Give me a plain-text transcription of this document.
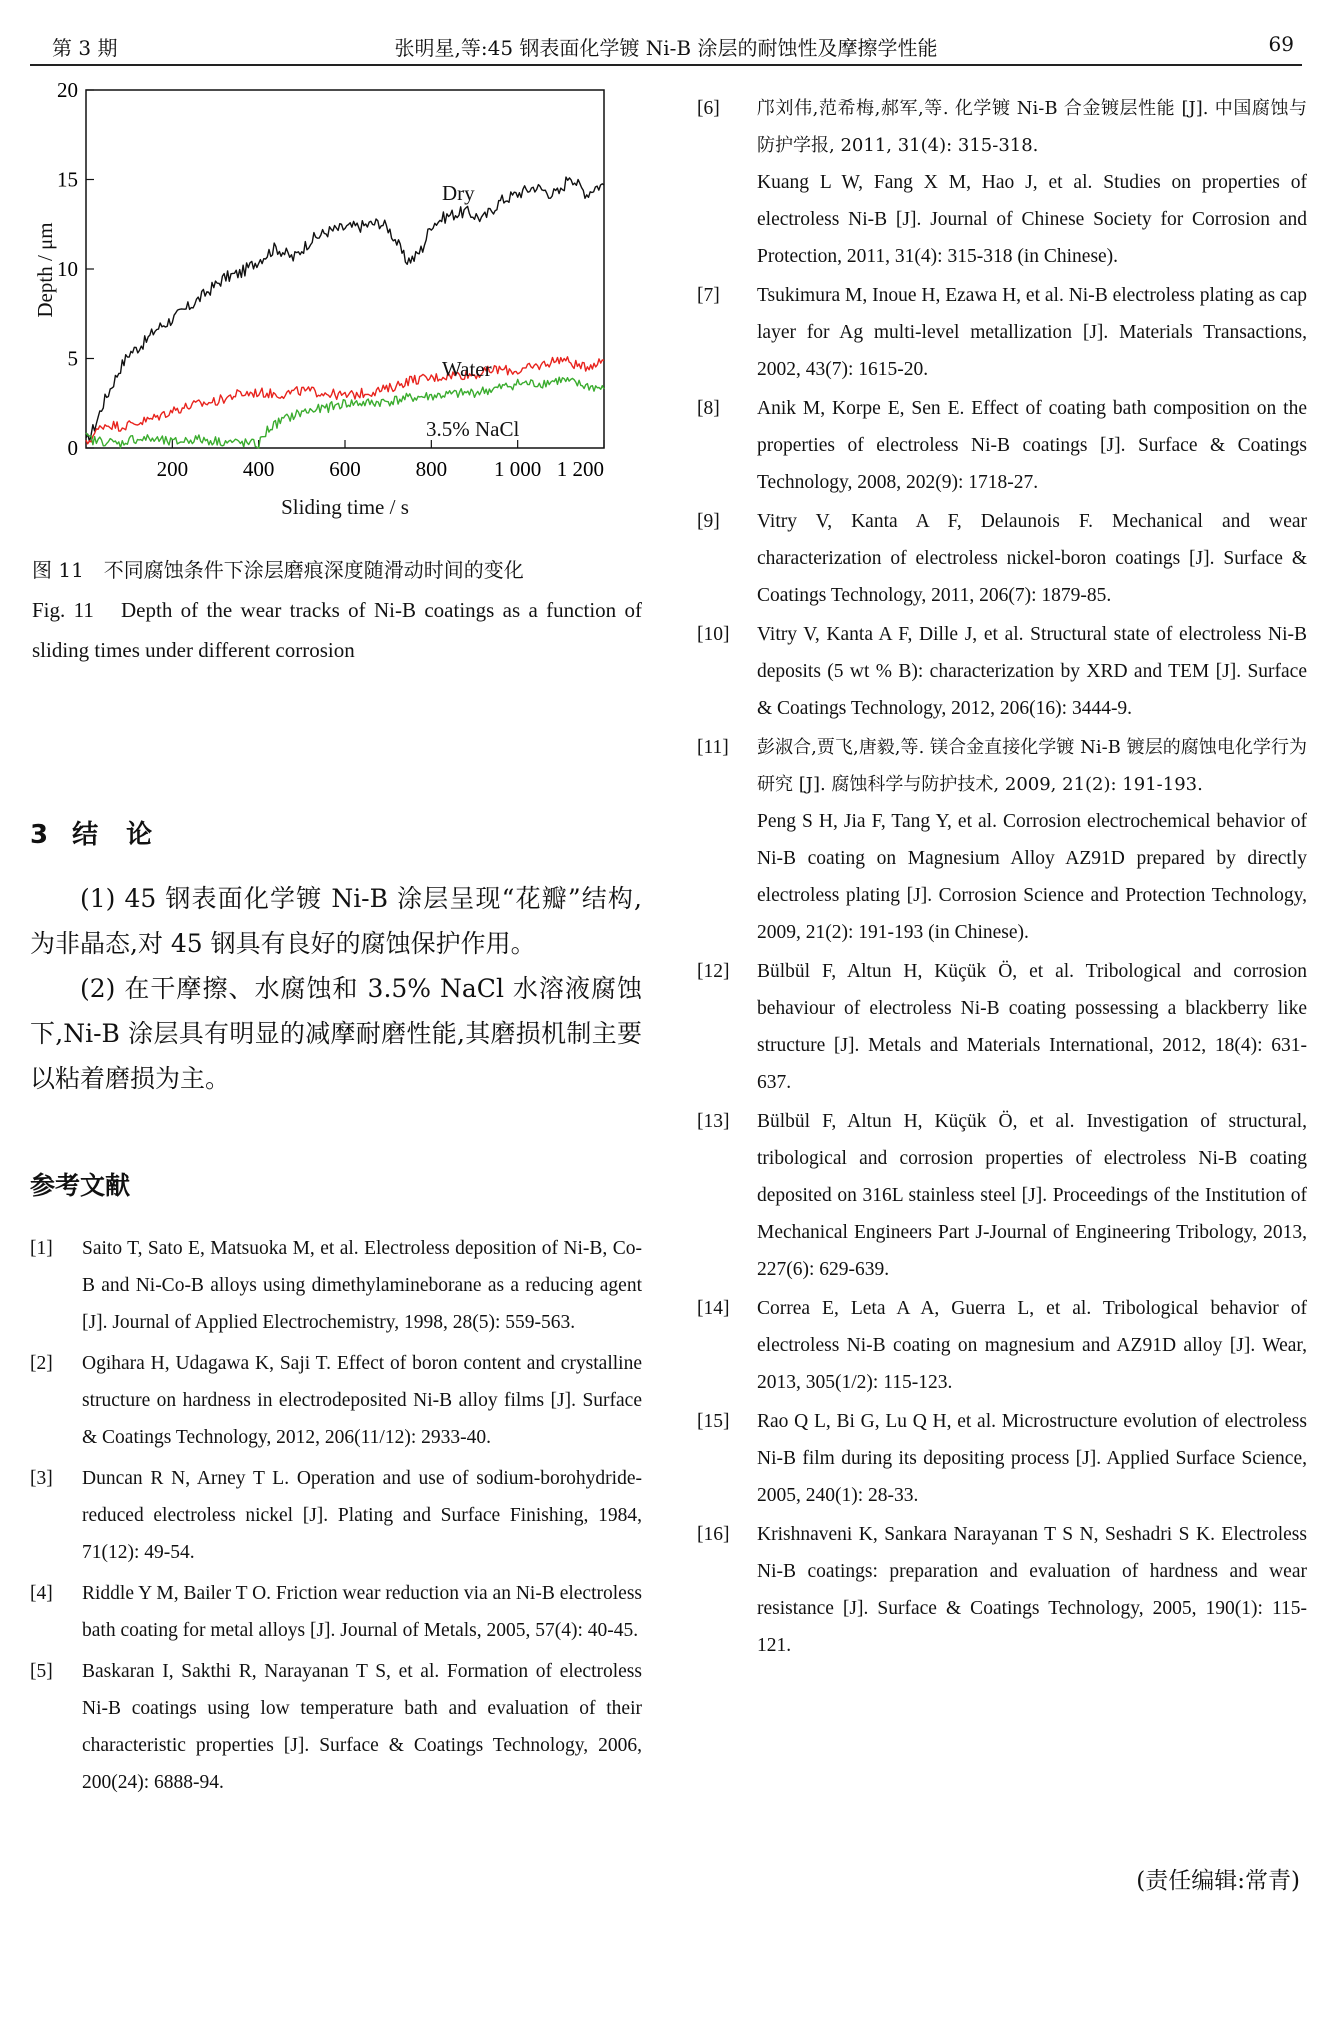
第 3 期	张明星,等:45 钢表面化学镀 Ni-B 涂层的耐蚀性及摩擦学性能	69
0
5
10
15
20
200	400	600	800 1 000 1 200
Dry
Water
3.5% NaCl
Sliding time / s
Depth / μm

图 11　不同腐蚀条件下涂层磨痕深度随滑动时间的变化

Fig. 11　Depth of the wear tracks of Ni-B coatings as a function of sliding times under different corrosion

3 结 论

(1) 45 钢表面化学镀 Ni-B 涂层呈现“花瓣”结构,为非晶态,对 45 钢具有良好的腐蚀保护作用。

(2) 在干摩擦、水腐蚀和 3.5% NaCl 水溶液腐蚀下,Ni-B 涂层具有明显的减摩耐磨性能,其磨损机制主要以粘着磨损为主。

参考文献
[1] Saito T, Sato E, Matsuoka M, et al. Electroless deposition of Ni-B, Co-B and Ni-Co-B alloys using dimethylamineborane as a reducing agent [J]. Journal of Applied Electrochemistry, 1998, 28(5): 559-563.
[2] Ogihara H, Udagawa K, Saji T. Effect of boron content and crystalline structure on hardness in electrodeposited Ni-B alloy films [J]. Surface & Coatings Technology, 2012, 206(11/12): 2933-40.
[3] Duncan R N, Arney T L. Operation and use of sodium-borohydride-reduced electroless nickel [J]. Plating and Surface Finishing, 1984, 71(12): 49-54.
[4] Riddle Y M, Bailer T O. Friction wear reduction via an Ni-B electroless bath coating for metal alloys [J]. Journal of Metals, 2005, 57(4): 40-45.
[5] Baskaran I, Sakthi R, Narayanan T S, et al. Formation of electroless Ni-B coatings using low temperature bath and evaluation of their characteristic properties [J]. Surface & Coatings Technology, 2006, 200(24): 6888-94.
[6] 邝刘伟,范希梅,郝军,等. 化学镀 Ni-B 合金镀层性能 [J]. 中国腐蚀与防护学报, 2011, 31(4): 315-318.
Kuang L W, Fang X M, Hao J, et al. Studies on properties of electroless Ni-B [J]. Journal of Chinese Society for Corrosion and Protection, 2011, 31(4): 315-318 (in Chinese).
[7] Tsukimura M, Inoue H, Ezawa H, et al. Ni-B electroless plating as cap layer for Ag multi-level metallization [J]. Materials Transactions, 2002, 43(7): 1615-20.
[8] Anik M, Korpe E, Sen E. Effect of coating bath composition on the properties of electroless Ni-B coatings [J]. Surface & Coatings Technology, 2008, 202(9): 1718-27.
[9] Vitry V, Kanta A F, Delaunois F. Mechanical and wear characterization of electroless nickel-boron coatings [J]. Surface & Coatings Technology, 2011, 206(7): 1879-85.
[10] Vitry V, Kanta A F, Dille J, et al. Structural state of electroless Ni-B deposits (5 wt % B): characterization by XRD and TEM [J]. Surface & Coatings Technology, 2012, 206(16): 3444-9.
[11] 彭淑合,贾飞,唐毅,等. 镁合金直接化学镀 Ni-B 镀层的腐蚀电化学行为研究 [J]. 腐蚀科学与防护技术, 2009, 21(2): 191-193.
Peng S H, Jia F, Tang Y, et al. Corrosion electrochemical behavior of Ni-B coating on Magnesium Alloy AZ91D prepared by directly electroless plating [J]. Corrosion Science and Protection Technology, 2009, 21(2): 191-193 (in Chinese).
[12] Bülbül F, Altun H, Küçük Ö, et al. Tribological and corrosion behaviour of electroless Ni-B coating possessing a blackberry like structure [J]. Metals and Materials International, 2012, 18(4): 631-637.
[13] Bülbül F, Altun H, Küçük Ö, et al. Investigation of structural, tribological and corrosion properties of electroless Ni-B coating deposited on 316L stainless steel [J]. Proceedings of the Institution of Mechanical Engineers Part J-Journal of Engineering Tribology, 2013, 227(6): 629-639.
[14] Correa E, Leta A A, Guerra L, et al. Tribological behavior of electroless Ni-B coating on magnesium and AZ91D alloy [J]. Wear, 2013, 305(1/2): 115-123.
[15] Rao Q L, Bi G, Lu Q H, et al. Microstructure evolution of electroless Ni-B film during its depositing process [J]. Applied Surface Science, 2005, 240(1): 28-33.
[16] Krishnaveni K, Sankara Narayanan T S N, Seshadri S K. Electroless Ni-B coatings: preparation and evaluation of hardness and wear resistance [J]. Surface & Coatings Technology, 2005, 190(1): 115-121.
(责任编辑:常青)
